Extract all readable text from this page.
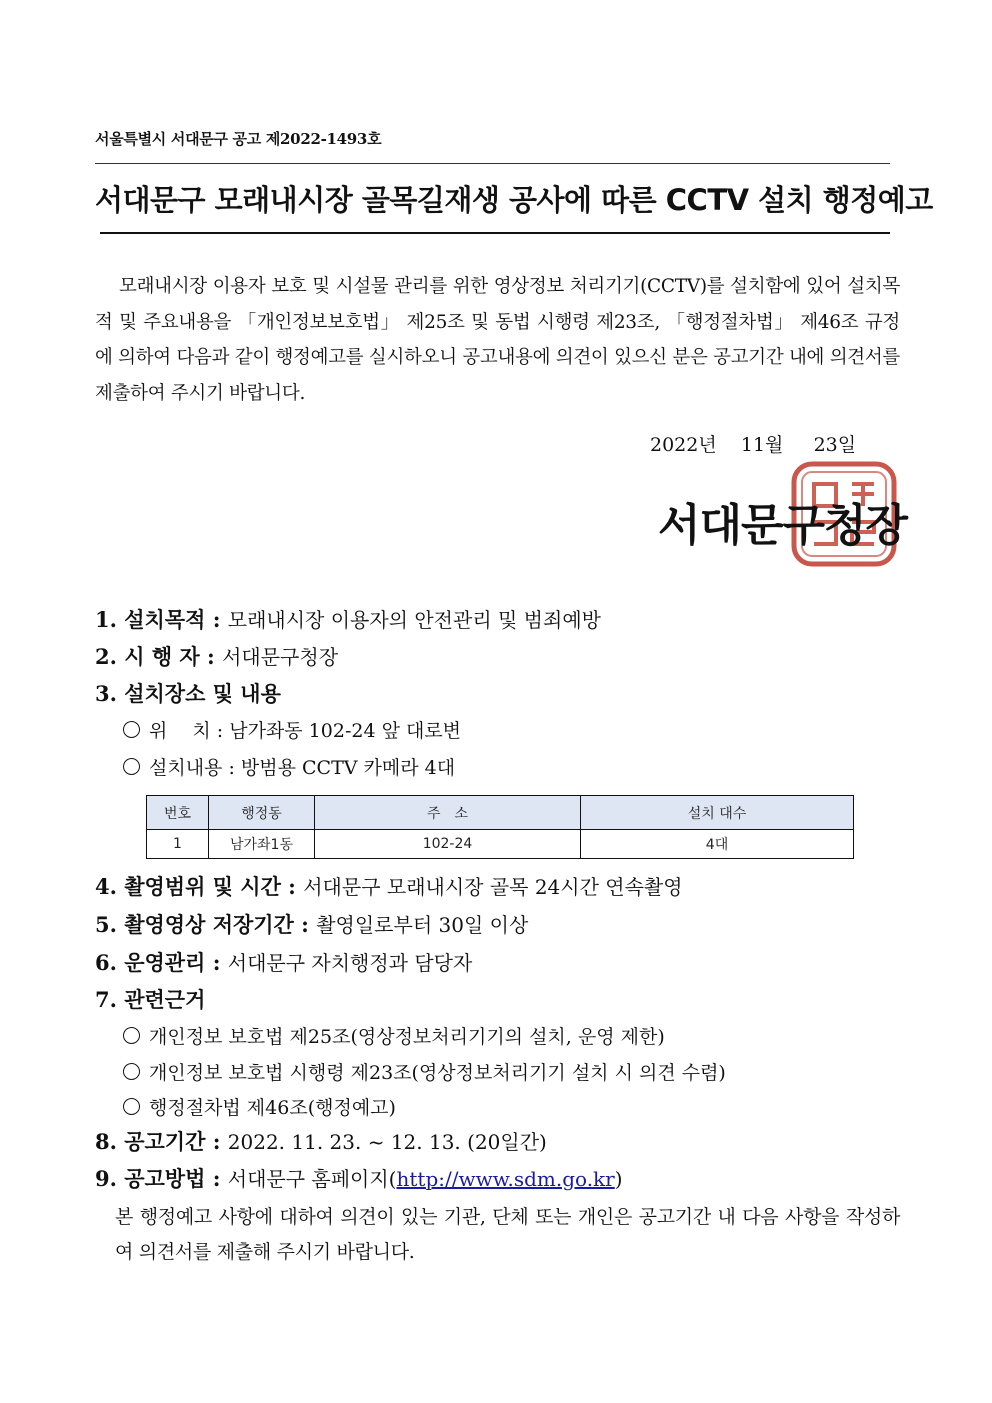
서울특별시 서대문구 공고 제2022-1493호
서대문구 모래내시장 골목길재생 공사에 따른 CCTV 설치 행정예고
모래내시장 이용자 보호 및 시설물 관리를 위한 영상정보 처리기기(CCTV)를 설치함에 있어 설치목적 및 주요내용을 「개인정보보호법」 제25조 및 동법 시행령 제23조, 「행정절차법」 제46조 규정에 의하여 다음과 같이 행정예고를 실시하오니 공고내용에 의견이 있으신 분은 공고기간 내에 의견서를 제출하여 주시기 바랍니다.
2022년    11월     23일
서대문구청장
1. 설치목적 : 모래내시장 이용자의 안전관리 및 범죄예방
2. 시 행 자 : 서대문구청장
3. 설치장소 및 내용
위　 치 : 남가좌동 102-24 앞 대로변
설치내용 : 방범용 CCTV 카메라 4대
번호	행정동	주　소	설치 대수
1	남가좌1동	102-24	4대
4. 촬영범위 및 시간 : 서대문구 모래내시장 골목 24시간 연속촬영
5. 촬영영상 저장기간 : 촬영일로부터 30일 이상
6. 운영관리 : 서대문구 자치행정과 담당자
7. 관련근거
개인정보 보호법 제25조(영상정보처리기기의 설치, 운영 제한)
개인정보 보호법 시행령 제23조(영상정보처리기기 설치 시 의견 수렴)
행정절차법 제46조(행정예고)
8. 공고기간 : 2022. 11. 23. ~ 12. 13. (20일간)
9. 공고방법 : 서대문구 홈페이지(http://www.sdm.go.kr)
본 행정예고 사항에 대하여 의견이 있는 기관, 단체 또는 개인은 공고기간 내 다음 사항을 작성하여 의견서를 제출해 주시기 바랍니다.
